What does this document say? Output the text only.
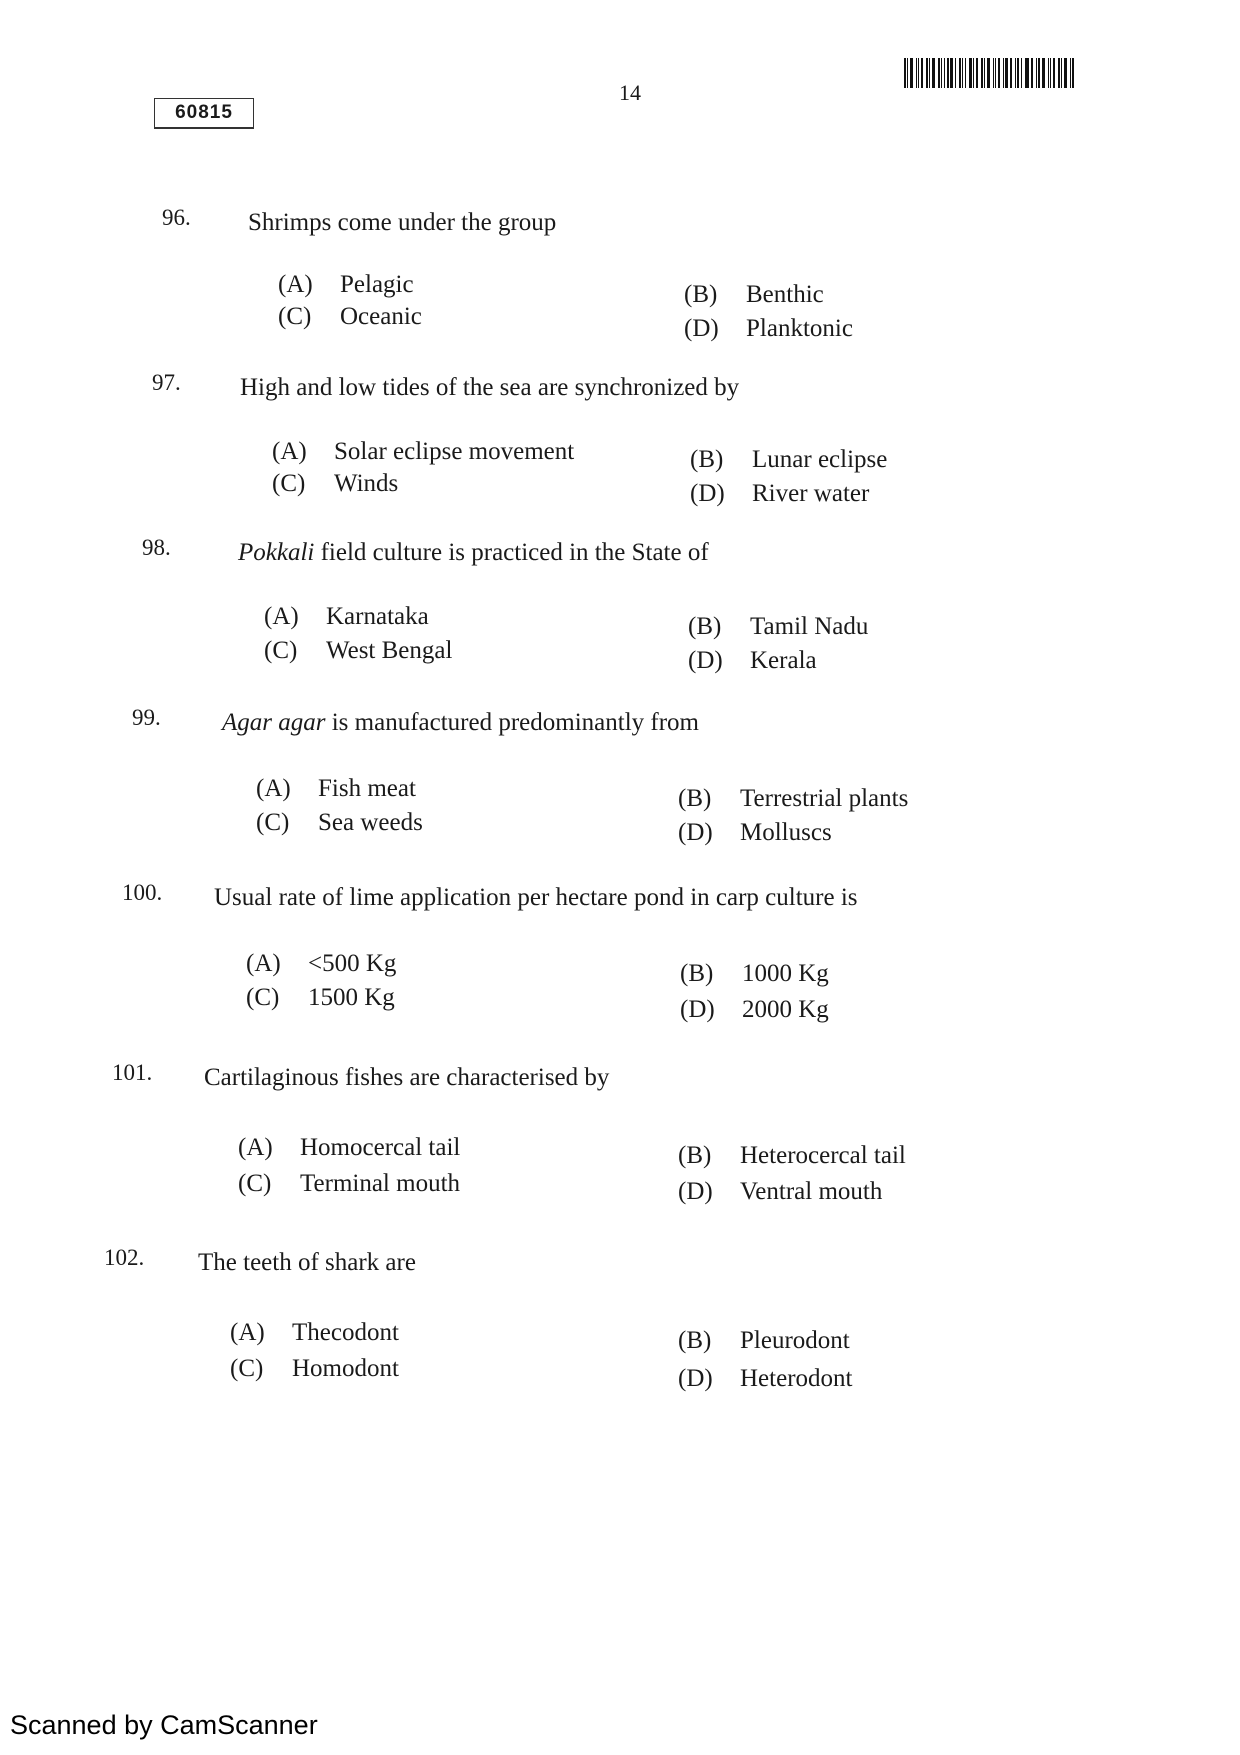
60815
14
96. Shrimps come under the group
(A) Pelagic	(B) Benthic
(C) Oceanic	(D) Planktonic
97. High and low tides of the sea are synchronized by
(A) Solar eclipse movement	(B) Lunar eclipse
(C) Winds	(D) River water
98.	Pokkali field culture is practiced in the State of
(A) Karnataka	(B) Tamil Nadu
(C) West Bengal	(D) Kerala
99. Agar agar is manufactured predominantly from
(A) Fish meat	(B) Terrestrial plants
(C) Sea weeds	(D) Molluscs
100. Usual rate of lime application per hectare pond in carp culture is
(A) <500 Kg	(B) 1000 Kg
(C) 1500 Kg	(D) 2000 Kg
101. Cartilaginous fishes are characterised by
(A) Homocercal tail	(B) Heterocercal tail
(C) Terminal mouth	(D) Ventral mouth
102. The teeth of shark are
(A) Thecodont	(B) Pleurodont
(C) Homodont	(D) Heterodont
Scanned by CamScanner
